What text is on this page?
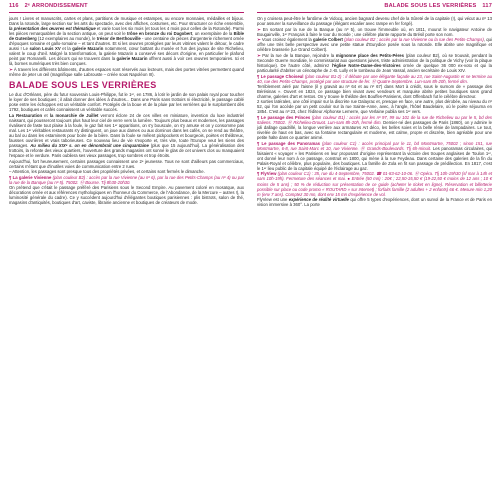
116 2ᵉ ARRONDISSEMENT

jours ! Livres et manuscrits, cartes et plans, partitions de musique et estampes, ou encore monnaies, médailles et bijoux. Dans la rotonde, large section sur les arts du spectacle, avec des affiches, costumes, etc. Pour structurer ce riche ensemble, la présentation des œuvres est thématique et varie tous les six mois (et tous les 4 mois pour celles de la Rotonde). Parmi les pièces remarquables de la section antique, on peut voir le trône en bronze du roi Dagobert, un exemplaire de la Bible de Gutenberg (12 exemplaires au monde), le trésor de Berthouville - une centaine de pièces d'argenterie richement ornée d'époques romaine et gallo-romaine – et tant d'autres. Et si les œuvres protégées par leurs vitrines valent le détour, le cadre aussi ! Le salon Louis XV et la galerie Mazarin notamment, cœur battant du musée et l'un des joyaux de site Richelieu, valent le coup d'œil. Malgré la transformation, la galerie Mazarin a conservé ses décors d'origine, en particulier le plafond peint par Romanelli. Les décors qui se trouvent dans la galerie Mazarin offrent aussi à voir ces œuvres temporaires. Ici et là, bornes numériques très bien conçues.

➢ À travers les différents bâtiments, d'autres espaces sont réservés aux lecteurs, mais des portes vitrées permettent quand même de jeter un œil (magnifique salle Labrouste – créée sous Napoléon III).

BALADE SOUS LES VERRIÈRES

Le duc d'Orléans, père du futur souverain Louis-Philippe, fut le 1ᵉʳ, en 1786, à lotir le jardin de son palais royal pour toucher le loyer de ses boutiques ; il allait donner des idées à d'autres... Dans une Paris sans trottoirs ni électricité, le passage cablé pose entre les échoppes est un véritable confort. Protégés de la boue et de la pluie par les verrières qui le surplombent dès 1792, boutiques et cafés connaissent un véritable succès.

La Restauration et la monarchie de Juillet verront éclore 24 de ces villes en miniature, invention du luxe industriel naissant, qui pousseront toujours plus haut leur ciel de verre vers la lumière. Toujours plus beaux et modernes, les passages rivalisent de faste tout plaise à la foule, le gaz fait ses 1ᵉʳ apparitions, on s'y bouscule, on s'y amuse et on y consomme pas mal. Les 1ᵉʳ véritables restaurants s'y distinguent, on joue aux dames ou aux dominos dans les cafés, on se rend au théâtre, au bal ou dans les estaminets pour boire de la bière. Dans la foule se mêlent pickpockets et bourgeois, poètes et théâtreux, fausses ouvrières et vrais taborieuses. Ce nouveau lieu de vie s'exporte et, très vite, toute l'Europe veut les siens des passages. Au milieu du XIXᵉ s. on en dénombrait une cinquantaine (plus que 15 aujourd'hui). La généralisation des trottoirs, la refonte des vieux quartiers, l'ouverture des grands magasins ont sonné le glas de cet univers clos ou manquaient l'espace et le verdure. Paris oubliera ses vieux passages, trop sombres et trop étroits.

Aujourd'hui, fort heureusement, certains passages connaissent une 2ᵉ jeunesse. Tous ne sont d'ailleurs pas commerciaux, certains n'étant que d'inutiles voies de communication entre 2 rues.

– Attention, les passages sont presque tous des propriétés privées, et certains sont fermés le dimanche.

¶ La galerie Vivienne (plan couleur B2) : accès par la rue Vivienne (au nº 6), par la rue des Petits-Champs (au nº 4) ou par la rue de la Banque (au nº 5). 75002. Ⓜ Bourse. Tlj 8h30-20h30.
On prétend que c'était le passage préféré des Parisiens sous le Second Empire. Au pavement coloré en mosaïque, aux décorations ornée et aux références mythologiques en l'honneur du Commerce, de l'Abondance, de la Mercure – autres !), la luminosité générale du cadre). Ce y succèdent aujourd'hui d'élégantes boutiques parisiennes : plis bistrots, salon de thé, magasins d'antiquités, boutiques d'art, caviste, librairie ancienne et boutiques de créateurs de mode.

BALADE SOUS LES VERRIÈRES 117

On y croisera peut-être le fantôme de Vidocq, ancien bagnard devenu chef de la Sûreté de la capitale (!), qui vécut au nº 13 pour assurer la surveillance du passage (élégant escalier avec rampe en fer forgé).

➢ En sortant par la rue de la Banque (au nº 5), on trouve l'immeuble où, en 1811, mourut le navigateur Antoine de Bougainville, 1ᵉʳ Français à faire le tour du monde ; une célèbre plante rapporte du Brésil porte son nom.

➢ Vous croisez également la galerie Colbert (plan couleur B2 ; accès par la rue Vivienne ou la rue des Petits-Champs), qui offre une très belle perspective avec une petite statue d'Eurydice posée sous la rotonde. Elle abrite une magnifique et célèbre brasserie (Le Grand Colbert).

➢ Par la rue de la Banque, rejoindre la mignonne place des Petits-Pères (plan couleur B2), où se trouvait, pendant la Seconde Guerre mondiale, le commissariat aux questions juives, triste administration de la politique de Vichy (voir la plaque historique). De l'autre côté, admirez l'église Notre-Dame-des-Victoires ornée de quelque 36 000 ex-voto et qui la particularité d'abriter un cénotaphe de J.-B. Lully et le tombeau de Jean Vassal, ancien secrétaire de Louis XIV.

¶ Le passage Choiseul (plan couleur B1-2) : il débute par une élégante façade au 23, rue Saint-Augustin et se termine au 40, rue des Petits-Champs, protégé par une structure de fer. Ⓜ Quatre-Septembre. Lun-sam 8h-20h, fermé dim.
Terriblement aéré par l'aisne (il y gravait au nº 64 et au nº 67) dans Mort à crédit, sous le surnom de « passage des Bérésinas ». Ouvert en 1824, ce passage bien vivant avec vendeurs et marquise abrite petites boutiques sans grand charme, galeries d'art et restos. On y trouve le théâtre des Bouffes-Parisiens, dont Offenbach fut le célèbre directeur.

2 sorties latérales, une côté impair sur la discrète rue Dalayrac et, presque en face, une autre, plus dérobée, au niveau du nº 52, qui l'on accède par un petit couloir sur la rue Sainte-Anne, avec, à l'angle, l'hôtel Baudelaire, où le poète séjourna en 1854. C'est au nº 23, chez l'éditeur Alphonse Lemerre, que Verlaine publia ses 1ᵉʳ vers.

¶ Le passage des Princes (plan couleur B1) : accès par les nº 97, 99 ou 101 de la rue de Richelieu ou par le 5, bd des Italiens. 75002. Ⓜ Richelieu-Drouot. Lun-sam 8h-20h, fermé dim. Dernier-né des passages de Paris (1860), on y admire le joli dallage quadrillé, la longue verrière aux armatures Art déco, les belles soies et la belle rénie de lampadaires. Le tout, nivelée de haut en bas, avec sa fontaine rectangulaire et moderne, est calme, propre et discrète, bien agréable pour une petite halte dans ce quartier animé.

¶ Le passage des Panoramas (plan couleur C1) : accès principal par le 11, bd Montmartre, 75002 ; sinon 151, rue Montmartre, 6-8, rue Saint-Marc et 10, rue Vivienne. Ⓜ Grands-Boulevards. Tlj 6h-minuit. Les panoramas circulaires, qui faisaient « voyager » les Parisiens en leur proposant d'origine représentant la victoire des troupes anglaises de Toulon 1ᵉʳ, ont donné leur nom à ce passage, construit en 1800, qui mène à la rue Feydeau. Dans certaine des galeries de la fin du Palais-Royal et célèbre, plus populaire, des boutiques. La famille de Zola en fit son passage de prédilection. En 1817, c'est le 1ᵉʳ lieu public de la capitale équipé de l'éclairage au gaz.

¶ FlyView (plan couleur C1) : 35, rue du 4-Septembre, 75002. ☎ 01-83-62-10-06. Ⓜ Opéra. Tlj 10h-19h30 (sf mar à 14h et sam 10h-19h). Fermeture des séances et mai. ● Entrée (50 mn) : 20€ ; 22,50-15,50 € (19-22,50 € moins de 12 ans ; 10 € moins de 5 ans) ; 50 % de réduction sur présentation de ce guide (acheter le ticket en ligne). Réservation et billetterie possible sur place ou code promo « ROUTARD » sur Internet) ; forfaits famille (2 adultes + 2 enfants) 66 €. Mesure min 1,20 m (env 7 ans). Comptez 30 mn, dont env 15 mn d'expérience de vol.
FlyView est une expérience de réalité virtuelle qui offre 5 types d'expériences, dont un survol de la France et de Paris en vision immersive à 360°. La porte
